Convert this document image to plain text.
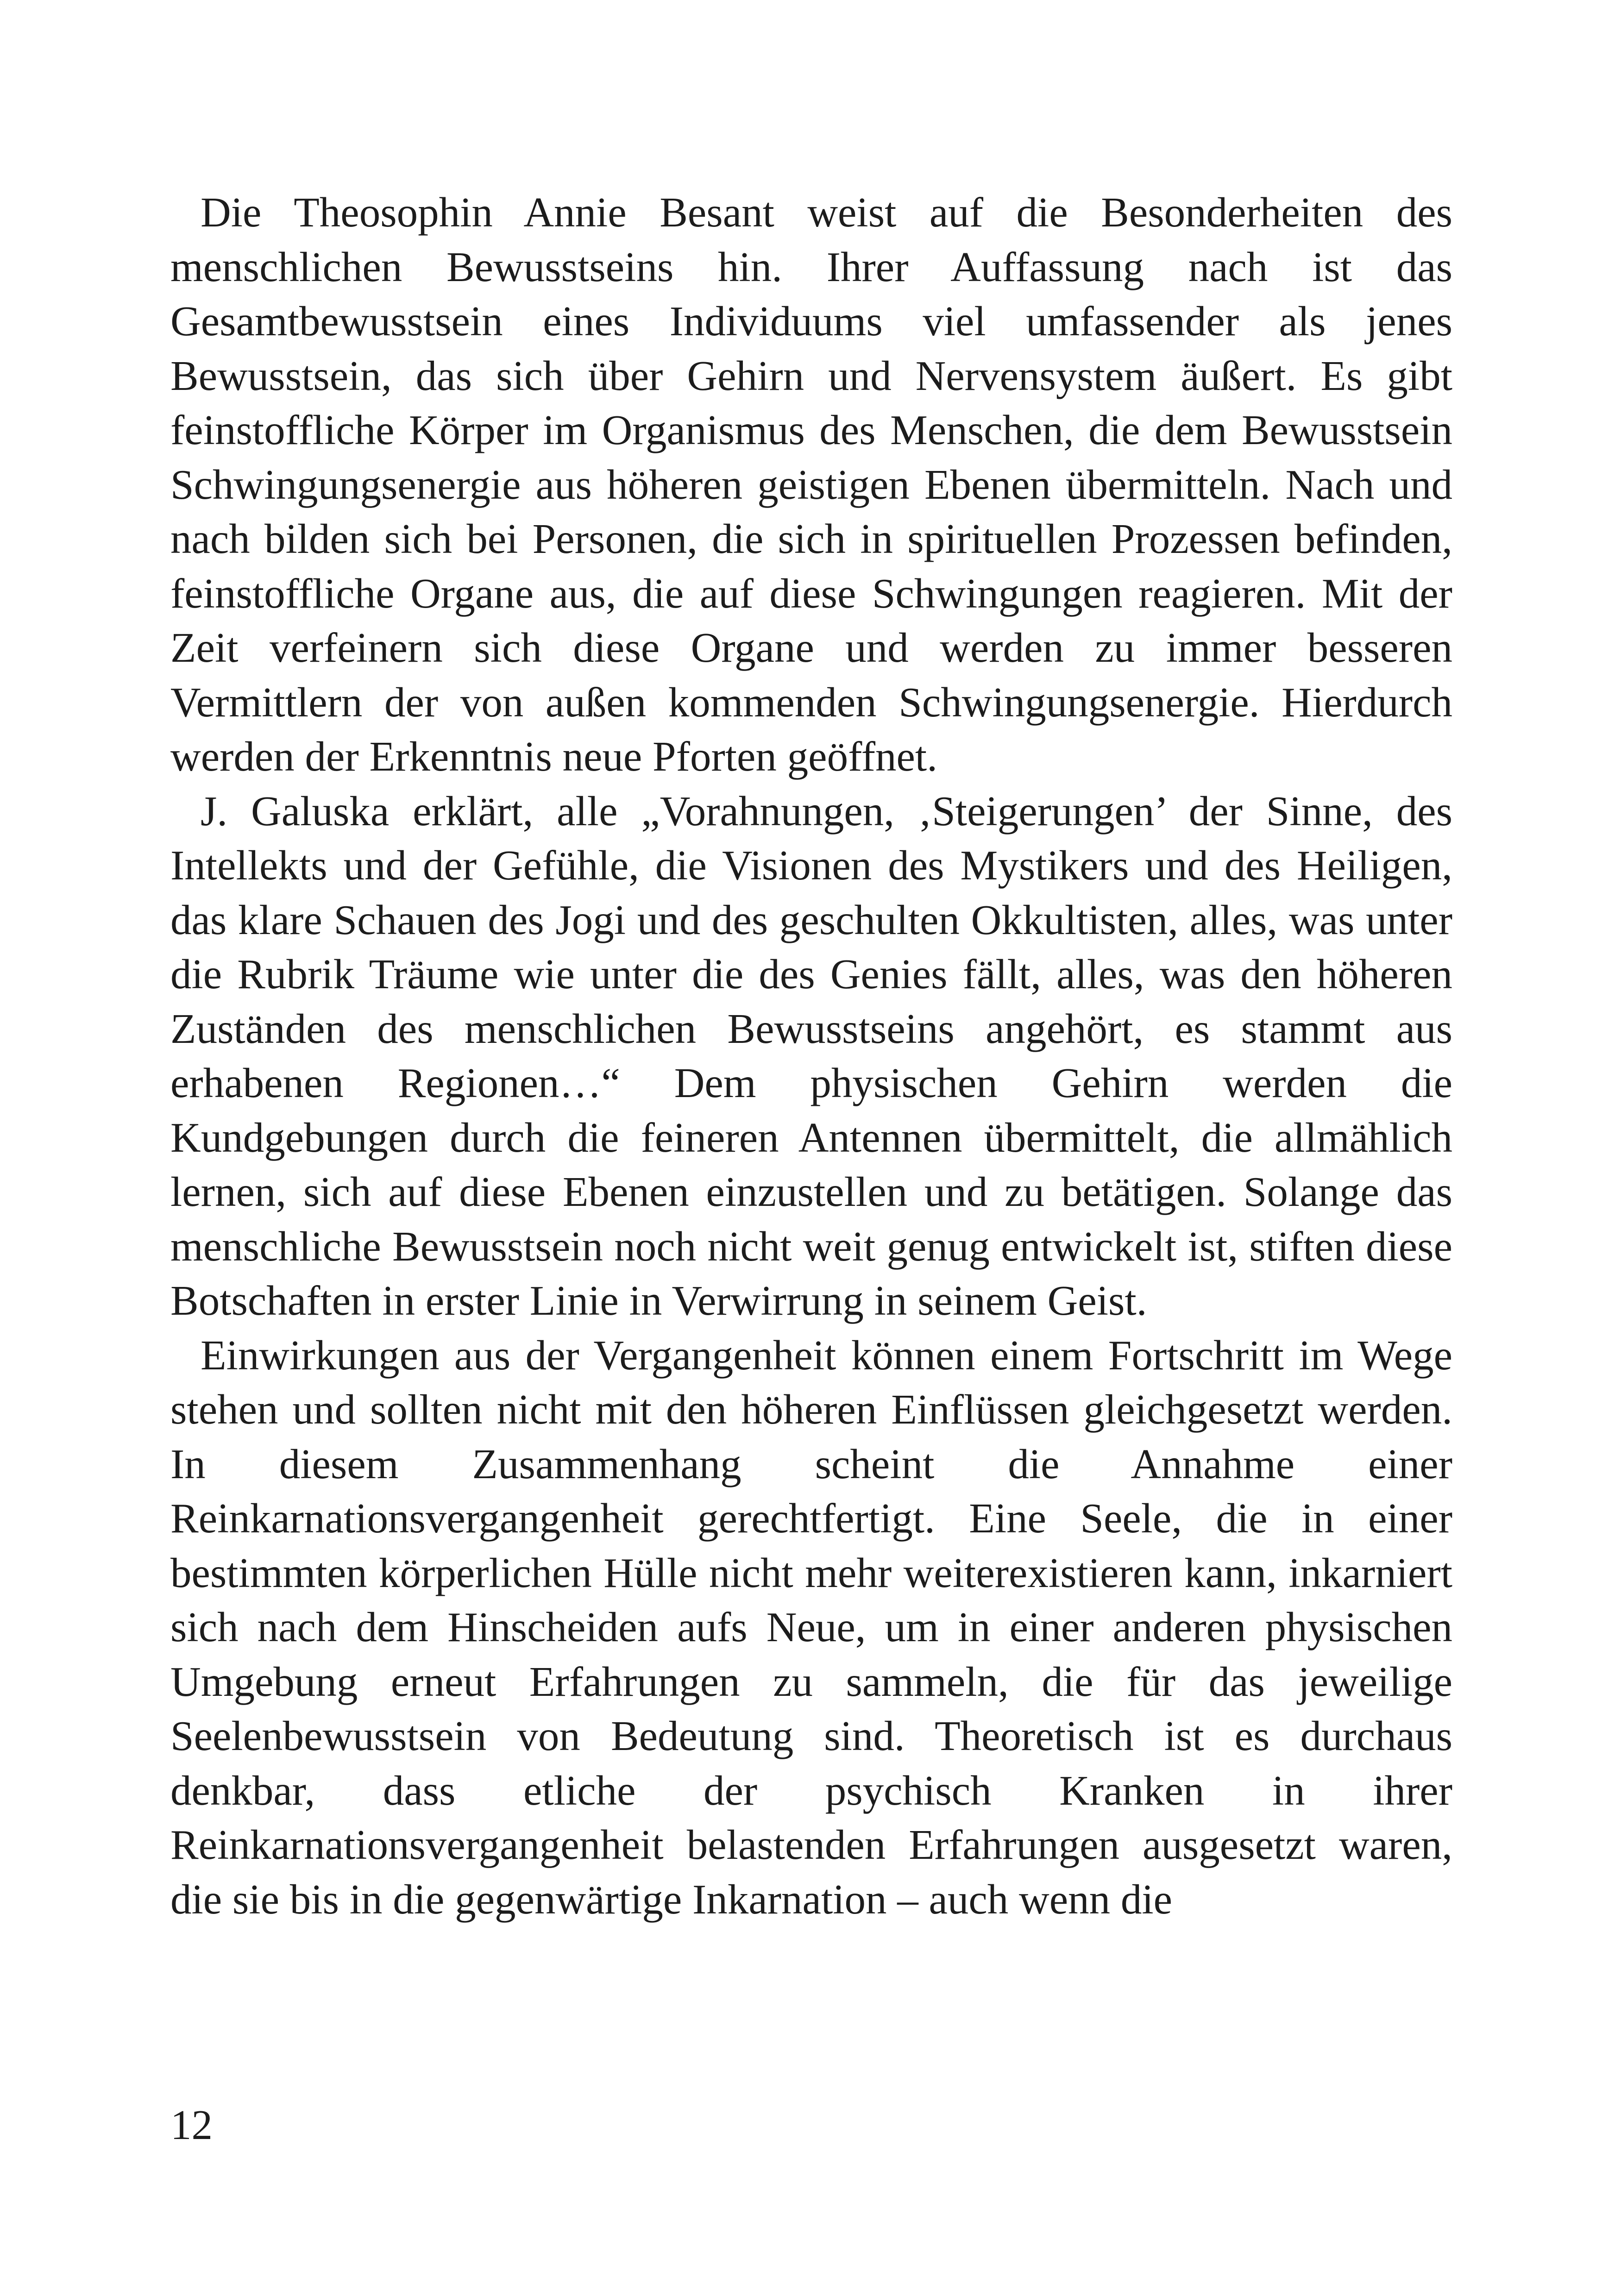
Die Theosophin Annie Besant weist auf die Besonderheiten des menschlichen Bewusstseins hin. Ihrer Auffassung nach ist das Gesamtbewusstsein eines Individuums viel umfassender als jenes Bewusstsein, das sich über Gehirn und Nervensystem äußert. Es gibt feinstoffliche Körper im Organismus des Menschen, die dem Bewusstsein Schwingungsenergie aus höheren geistigen Ebenen übermitteln. Nach und nach bilden sich bei Personen, die sich in spirituellen Prozessen befinden, feinstoffliche Organe aus, die auf diese Schwingungen reagieren. Mit der Zeit verfeinern sich diese Organe und werden zu immer besseren Vermittlern der von außen kommenden Schwingungsenergie. Hierdurch werden der Erkenntnis neue Pforten geöffnet.

J. Galuska erklärt, alle „Vorahnungen, ‚Steigerungen’ der Sinne, des Intellekts und der Gefühle, die Visionen des Mystikers und des Heiligen, das klare Schauen des Jogi und des geschulten Okkultisten, alles, was unter die Rubrik Träume wie unter die des Genies fällt, alles, was den höheren Zuständen des menschlichen Bewusstseins angehört, es stammt aus erhabenen Regionen…“ Dem physischen Gehirn werden die Kundgebungen durch die feineren Antennen übermittelt, die allmählich lernen, sich auf diese Ebenen einzustellen und zu betätigen. Solange das menschliche Bewusstsein noch nicht weit genug entwickelt ist, stiften diese Botschaften in erster Linie in Verwirrung in seinem Geist.

Einwirkungen aus der Vergangenheit können einem Fortschritt im Wege stehen und sollten nicht mit den höheren Einflüssen gleichgesetzt werden. In diesem Zusammenhang scheint die Annahme einer Reinkarnationsvergangenheit gerechtfertigt. Eine Seele, die in einer bestimmten körperlichen Hülle nicht mehr weiterexistieren kann, inkarniert sich nach dem Hinscheiden aufs Neue, um in einer anderen physischen Umgebung erneut Erfahrungen zu sammeln, die für das jeweilige Seelenbewusstsein von Bedeutung sind. Theoretisch ist es durchaus denkbar, dass etliche der psychisch Kranken in ihrer Reinkarnationsvergangenheit belastenden Erfahrungen ausgesetzt waren, die sie bis in die gegenwärtige Inkarnation – auch wenn die

12
